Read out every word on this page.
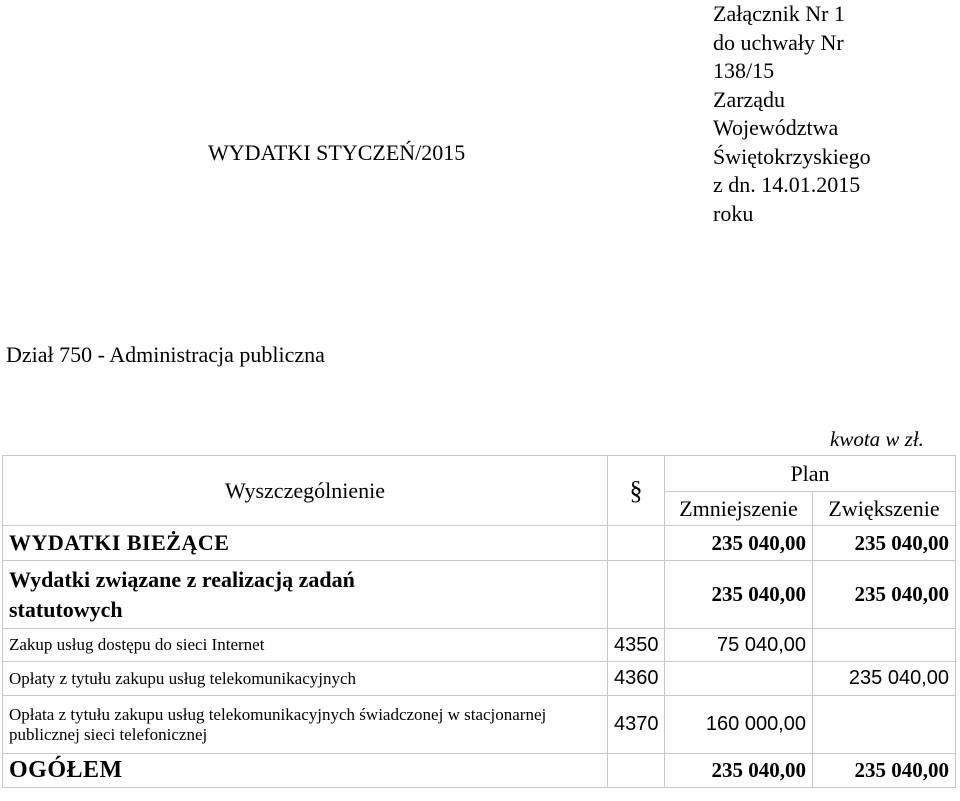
WYDATKI STYCZEŃ/2015
Załącznik Nr 1
do uchwały Nr
138/15
Zarządu
Województwa
Świętokrzyskiego
z dn. 14.01.2015
roku
Dział 750 - Administracja publiczna
kwota w zł.
Wyszczególnienie	§	Plan	
		Zmniejszenie	Zwiększenie
WYDATKI BIEŻĄCE		235 040,00	235 040,00

Wydatki związane z realizacją zadań statutowych		235 040,00	235 040,00
Zakup usług dostępu do sieci Internet	4350	75 040,00	
Opłaty z tytułu zakupu usług telekomunikacyjnych	4360		235 040,00

Opłata z tytułu zakupu usług telekomunikacyjnych świadczonej w stacjonarnej publicznej sieci telefonicznej	4370	160 000,00	
OGÓŁEM		235 040,00	235 040,00
